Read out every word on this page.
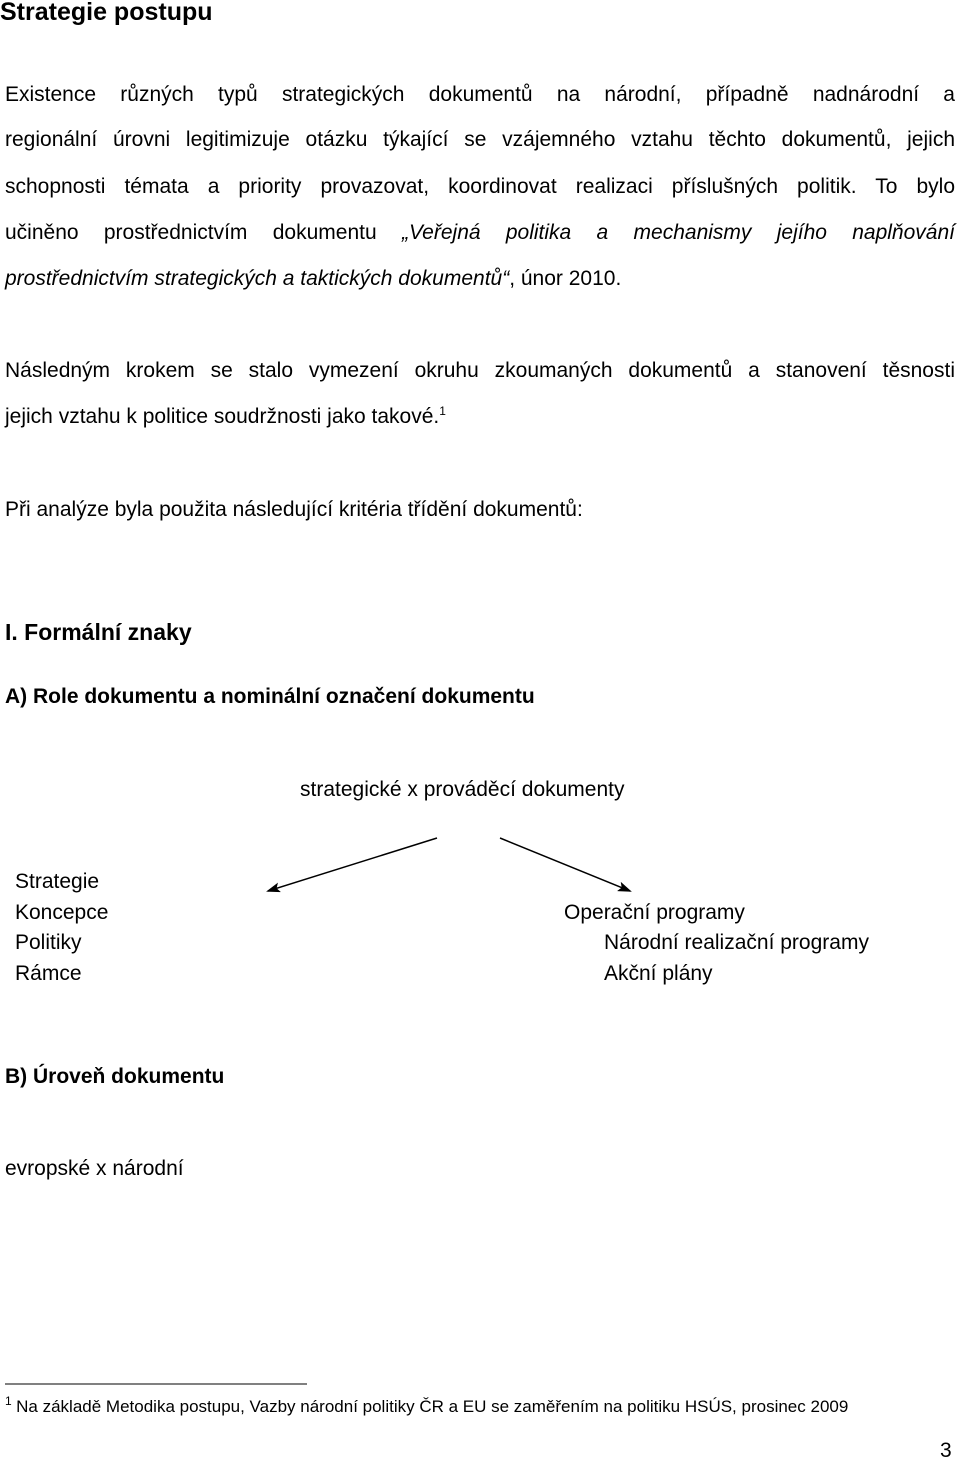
Strategie postupu
Existence různých typů strategických dokumentů na národní, případně nadnárodní a
regionální úrovni legitimizuje otázku týkající se vzájemného vztahu těchto dokumentů, jejich
schopnosti témata a priority provazovat, koordinovat realizaci příslušných politik. To bylo
učiněno prostřednictvím dokumentu „Veřejná politika a mechanismy jejího naplňování
prostřednictvím strategických a taktických dokumentů“, únor 2010.
Následným krokem se stalo vymezení okruhu zkoumaných dokumentů a stanovení těsnosti
jejich vztahu k politice soudržnosti jako takové.$^1$
Při analýze byla použita následující kritéria třídění dokumentů:
I. Formální znaky
A) Role dokumentu a nominální označení dokumentu
strategické x prováděcí dokumenty
Strategie
Koncepce
Politiky
Rámce
Operační programy
Národní realizační programy
Akční plány
B) Úroveň dokumentu
evropské x národní
$^1$ Na základě Metodika postupu, Vazby národní politiky ČR a EU se zaměřením na politiku HSÚS, prosinec 2009
3
